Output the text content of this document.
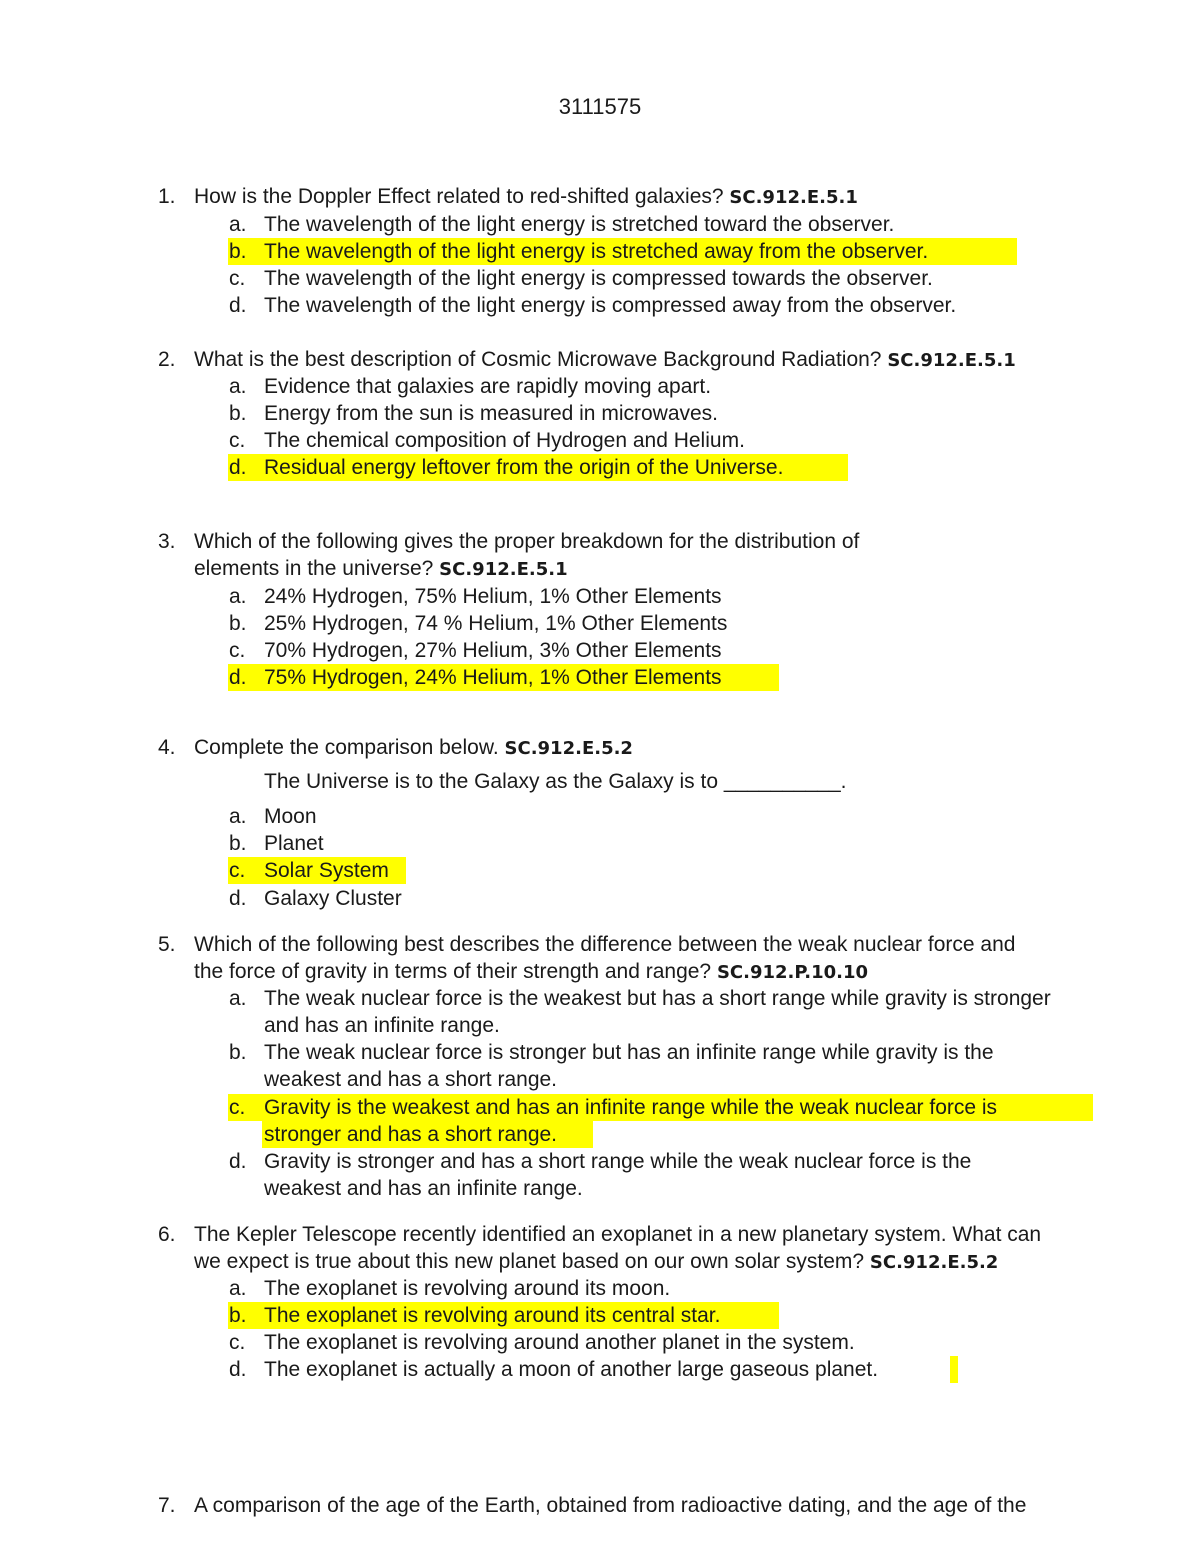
3111575
1. How is the Doppler Effect related to red-shifted galaxies? SC.912.E.5.1
a. The wavelength of the light energy is stretched toward the observer.
b. The wavelength of the light energy is stretched away from the observer.
c. The wavelength of the light energy is compressed towards the observer.
d. The wavelength of the light energy is compressed away from the observer.
2. What is the best description of Cosmic Microwave Background Radiation? SC.912.E.5.1
a. Evidence that galaxies are rapidly moving apart.
b. Energy from the sun is measured in microwaves.
c. The chemical composition of Hydrogen and Helium.
d. Residual energy leftover from the origin of the Universe.
3. Which of the following gives the proper breakdown for the distribution of
elements in the universe? SC.912.E.5.1
a. 24% Hydrogen, 75% Helium, 1% Other Elements
b. 25% Hydrogen, 74 % Helium, 1% Other Elements
c. 70% Hydrogen, 27% Helium, 3% Other Elements
d. 75% Hydrogen, 24% Helium, 1% Other Elements
4. Complete the comparison below. SC.912.E.5.2
The Universe is to the Galaxy as the Galaxy is to __________.
a. Moon
b. Planet
c. Solar System
d. Galaxy Cluster
5. Which of the following best describes the difference between the weak nuclear force and
the force of gravity in terms of their strength and range? SC.912.P.10.10
a. The weak nuclear force is the weakest but has a short range while gravity is stronger
and has an infinite range.
b. The weak nuclear force is stronger but has an infinite range while gravity is the
weakest and has a short range.
c. Gravity is the weakest and has an infinite range while the weak nuclear force is
stronger and has a short range.
d. Gravity is stronger and has a short range while the weak nuclear force is the
weakest and has an infinite range.
6. The Kepler Telescope recently identified an exoplanet in a new planetary system. What can
we expect is true about this new planet based on our own solar system? SC.912.E.5.2
a. The exoplanet is revolving around its moon.
b. The exoplanet is revolving around its central star.
c. The exoplanet is revolving around another planet in the system.
d. The exoplanet is actually a moon of another large gaseous planet.
7. A comparison of the age of the Earth, obtained from radioactive dating, and the age of the
